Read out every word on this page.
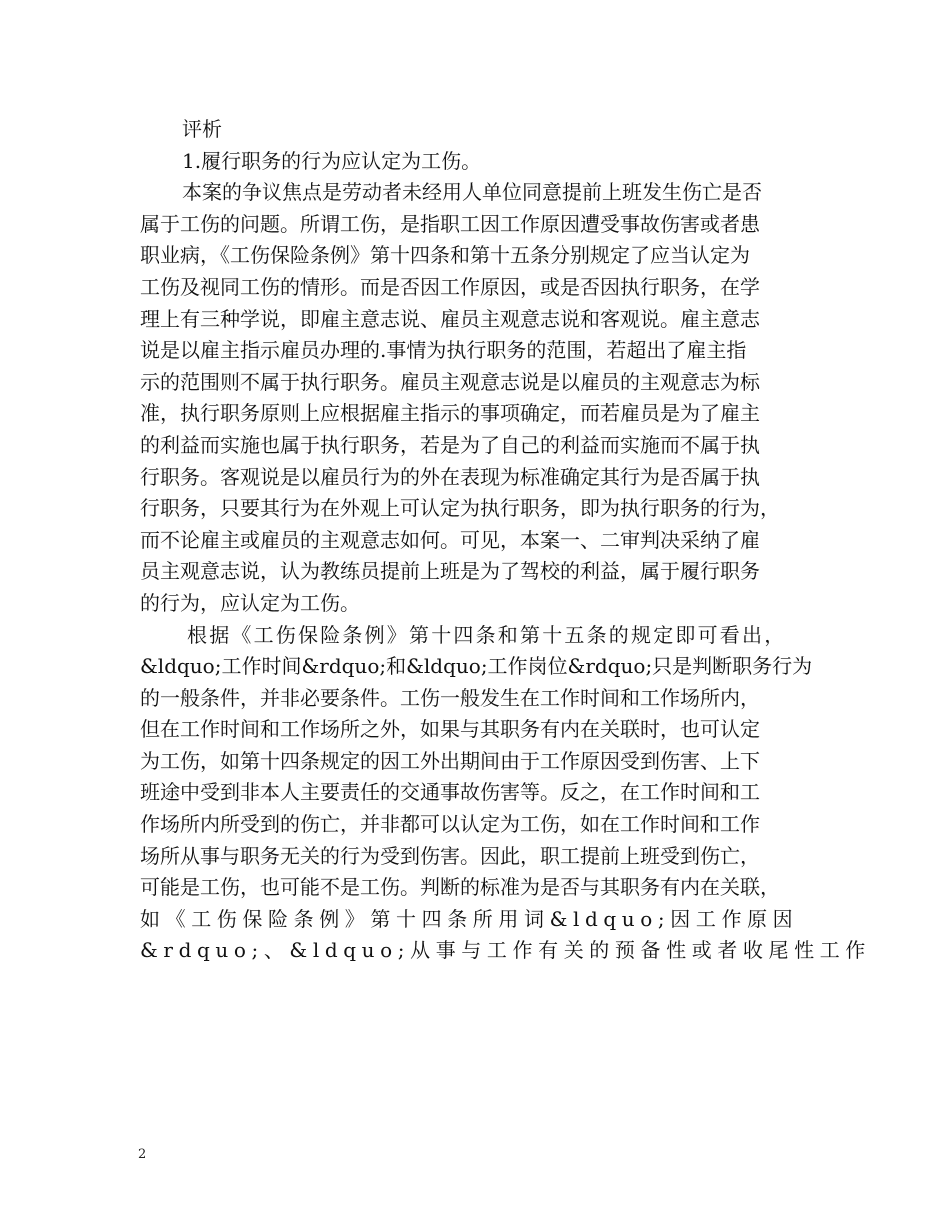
评析
1.履行职务的行为应认定为工伤。
本案的争议焦点是劳动者未经用人单位同意提前上班发生伤亡是否
属于工伤的问题。所谓工伤，是指职工因工作原因遭受事故伤害或者患
职业病，《工伤保险条例》第十四条和第十五条分别规定了应当认定为
工伤及视同工伤的情形。而是否因工作原因，或是否因执行职务，在学
理上有三种学说，即雇主意志说、雇员主观意志说和客观说。雇主意志
说是以雇主指示雇员办理的.事情为执行职务的范围，若超出了雇主指
示的范围则不属于执行职务。雇员主观意志说是以雇员的主观意志为标
准，执行职务原则上应根据雇主指示的事项确定，而若雇员是为了雇主
的利益而实施也属于执行职务，若是为了自己的利益而实施而不属于执
行职务。客观说是以雇员行为的外在表现为标准确定其行为是否属于执
行职务，只要其行为在外观上可认定为执行职务，即为执行职务的行为，
而不论雇主或雇员的主观意志如何。可见，本案一、二审判决采纳了雇
员主观意志说，认为教练员提前上班是为了驾校的利益，属于履行职务
的行为，应认定为工伤。
根据《工伤保险条例》第十四条和第十五条的规定即可看出，
&ldquo;工作时间&rdquo;和&ldquo;工作岗位&rdquo;只是判断职务行为
的一般条件，并非必要条件。工伤一般发生在工作时间和工作场所内，
但在工作时间和工作场所之外，如果与其职务有内在关联时，也可认定
为工伤，如第十四条规定的因工外出期间由于工作原因受到伤害、上下
班途中受到非本人主要责任的交通事故伤害等。反之，在工作时间和工
作场所内所受到的伤亡，并非都可以认定为工伤，如在工作时间和工作
场所从事与职务无关的行为受到伤害。因此，职工提前上班受到伤亡，
可能是工伤，也可能不是工伤。判断的标准为是否与其职务有内在关联，
如《工伤保险条例》第十四条所用词&ldquo;因工作原因
&rdquo;、&ldquo;从事与工作有关的预备性或者收尾性工作
2
